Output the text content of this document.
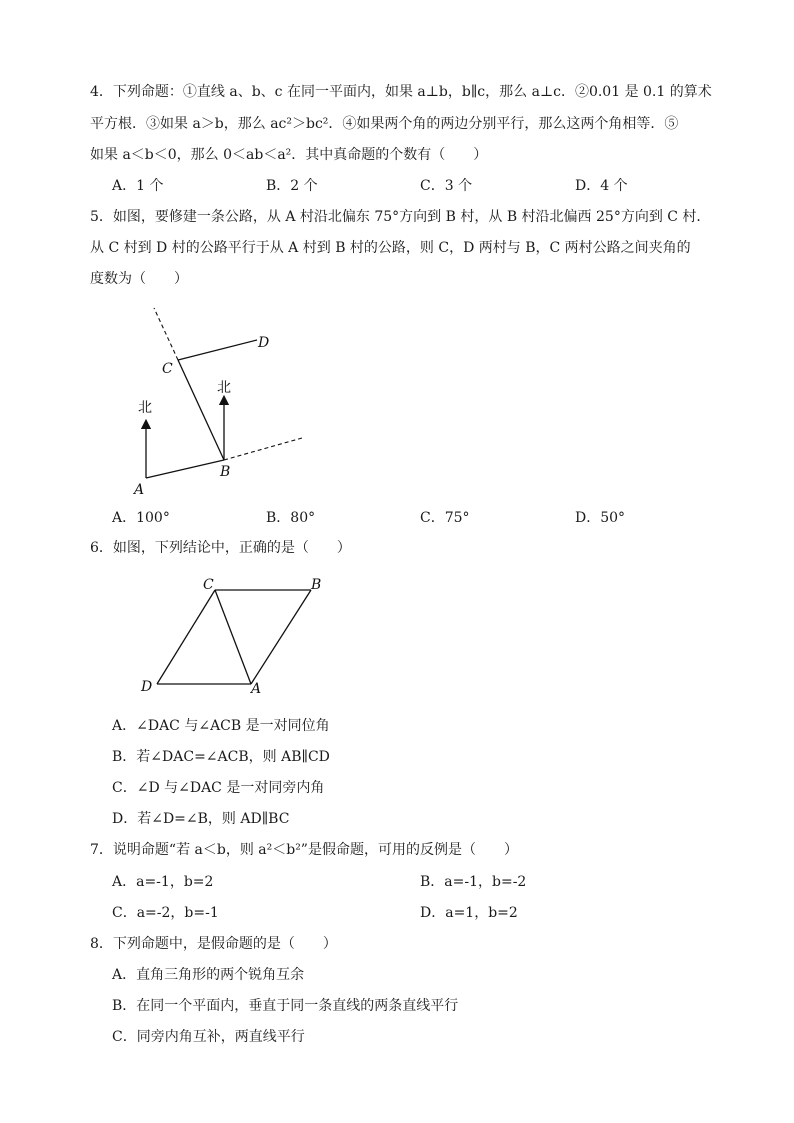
4．下列命题：①直线 a、b、c 在同一平面内，如果 a⊥b，b∥c，那么 a⊥c．②0.01 是 0.1 的算术
平方根．③如果 a＞b，那么 ac²＞bc²．④如果两个角的两边分别平行，那么这两个角相等．⑤
如果 a＜b＜0，那么 0＜ab＜a²．其中真命题的个数有（　　）
A．1 个	B．2 个	C．3 个	D．4 个
5．如图，要修建一条公路，从 A 村沿北偏东 75°方向到 B 村，从 B 村沿北偏西 25°方向到 C 村．
从 C 村到 D 村的公路平行于从 A 村到 B 村的公路，则 C，D 两村与 B，C 两村公路之间夹角的
度数为（　　）
北
北
A
B
C
D
A．100°	B．80°	C．75°	D．50°
6．如图，下列结论中，正确的是（　　）
C	B
D	A
A．∠DAC 与∠ACB 是一对同位角
B．若∠DAC=∠ACB，则 AB∥CD
C．∠D 与∠DAC 是一对同旁内角
D．若∠D=∠B，则 AD∥BC
7．说明命题“若 a＜b，则 a²＜b²”是假命题，可用的反例是（　　）
A．a=-1，b=2	B．a=-1，b=-2
C．a=-2，b=-1	D．a=1，b=2
8．下列命题中，是假命题的是（　　）
A．直角三角形的两个锐角互余
B．在同一个平面内，垂直于同一条直线的两条直线平行
C．同旁内角互补，两直线平行
